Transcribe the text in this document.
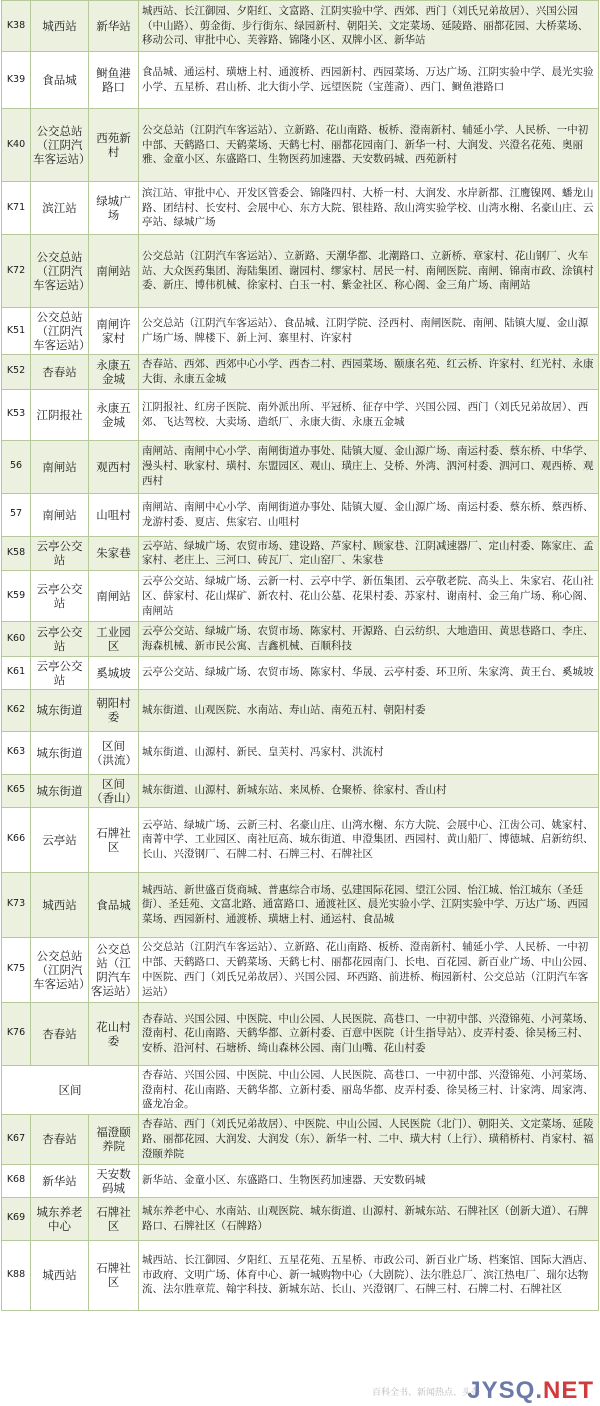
K38	城西站	新华站	城西站、长江御园、夕阳红、文富路、江阴实验中学、西郊、西门（刘氏兄弟故居）、兴国公园（中山路）、剪金街、步行街东、绿园新村、朝阳关、文定菜场、延陵路、丽都花园、大桥菜场、移动公司、审批中心、芙蓉路、锦隆小区、双牌小区、新华站
K39	食品城	鲥鱼港路口	食品城、通运村、璜塘上村、通渡桥、西园新村、西园菜场、万达广场、江阴实验中学、晨光实验小学、五星桥、君山桥、北大街小学、远望医院（宝莲斋）、西门、鲥鱼港路口
K40	公交总站（江阴汽车客运站）	西苑新村	公交总站（江阴汽车客运站）、立新路、花山南路、板桥、澄南新村、辅延小学、人民桥、一中初中部、天鹤路口、天鹤菜场、天鹤七村、丽都花园南门、新华一村、大润发、兴澄名花苑、奥丽雅、金童小区、东盛路口、生物医药加速器、天安数码城、西苑新村
K71	滨江站	绿城广场	滨江站、审批中心、开发区管委会、锦隆四村、大桥一村、大润发、水岸新都、江鹰镍网、蟠龙山路、团结村、长安村、会展中心、东方大院、银桂路、敌山湾实验学校、山湾水榭、名豪山庄、云亭站、绿城广场
K72	公交总站（江阴汽车客运站）	南闸站	公交总站（江阴汽车客运站）、立新路、天潮华都、北潮路口、立新桥、章家村、花山钢厂、火车站、大众医药集团、海陆集团、谢园村、缪家村、居民一村、南闸医院、南闸、锦南市政、涂镇村委、新庄、博伟机械、徐家村、白玉一村、紫金社区、称心阁、金三角广场、南闸站
K51	公交总站（江阴汽车客运站）	南闸许家村	公交总站（江阴汽车客运站）、食品城、江阴学院、泾西村、南闸医院、南闸、陆镇大厦、金山源广场广场、牌楼下、新上河、寨里村、许家村
K52	杏春站	永康五金城	杏春站、西郊、西郊中心小学、西杏二村、西园菜场、颐康名苑、红云桥、许家村、红光村、永康大街、永康五金城
K53	江阴报社	永康五金城	江阴报社、红房子医院、南外派出所、平冠桥、征存中学、兴国公园、西门（刘氏兄弟故居）、西郊、飞达驾校、大卖场、造纸厂、永康大街、永康五金城
56	南闸站	观西村	南闸站、南闸中心小学、南闸街道办事处、陆镇大厦、金山源广场、南运村委、蔡东桥、中华学、漫头村、耿家村、璜村、东盟园区、观山、璜庄上、殳桥、外湾、泗河村委、泗河口、观西桥、观西村
57	南闸站	山咀村	南闸站、南闸中心小学、南闸街道办事处、陆镇大厦、金山源广场、南运村委、蔡东桥、蔡西桥、龙游村委、夏店、焦家宕、山咀村
K58	云亭公交站	朱家巷	云亭站、绿城广场、农贸市场、建设路、芦家村、顾家巷、江阴减速器厂、定山村委、陈家庄、孟家村、老庄上、三河口、砖瓦厂、定山窑厂、朱家巷
K59	云亭公交站	南闸站	云亭公交站、绿城广场、云新一村、云亭中学、新伍集团、云亭敬老院、高头上、朱家宕、花山社区、薛家村、花山煤矿、新农村、花山公墓、花果村委、苏家村、谢南村、金三角广场、称心阁、南闸站
K60	云亭公交站	工业园区	云亭公交站、绿城广场、农贸市场、陈家村、开源路、白云纺织、大地造田、黄思巷路口、李庄、海森机械、新市民公寓、吉鑫机械、百顺科技
K61	云亭公交站	奚城坡	云亭公交站、绿城广场、农贸市场、陈家村、华晟、云亭村委、环卫所、朱家湾、黄王台、奚城坡
K62	城东街道	朝阳村委	城东街道、山观医院、水南站、寿山站、南苑五村、朝阳村委
K63	城东街道	区间（洪流）	城东街道、山源村、新民、皇芙村、冯家村、洪流村
K65	城东街道	区间（香山）	城东街道、山源村、新城东站、来凤桥、仓聚桥、徐家村、香山村
K66	云亭站	石牌社区	云亭站、绿城广场、云新三村、名豪山庄、山湾水榭、东方大院、会展中心、江齿公司、姚家村、南菁中学、工业园区、南社厄高、城东街道、申澄集团、西园村、黄山船厂、博德城、启新纺织、长山、兴澄钢厂、石牌二村、石牌三村、石牌社区
K73	城西站	食品城	城西站、新世盛百货商城、普惠综合市场、弘建国际花园、望江公园、怡江城、怡江城东（圣廷街）、圣廷苑、文富北路、通富路口、通渡社区、晨光实验小学、江阴实验中学、万达广场、西园菜场、西园新村、通渡桥、璜塘上村、通运村、食品城
K75	公交总站（江阴汽车客运站）	公交总站（江阴汽车客运站）	公交总站（江阴汽车客运站）、立新路、花山南路、板桥、澄南新村、辅延小学、人民桥、一中初中部、天鹤路口、天鹤菜场、天鹤七村、丽都花园南门、长电、百花园、新百业广场、中山公园、中医院、西门（刘氏兄弟故居）、兴国公园、环西路、前进桥、梅园新村、公交总站（江阴汽车客运站）
K76	杏春站	花山村委	杏春站、兴国公园、中医院、中山公园、人民医院、高巷口、一中初中部、兴澄锦苑、小河菜场、澄南村、花山南路、天鹤华都、立新村委、百意中医院（计生指导站）、皮弄村委、徐吴杨三村、安桥、沿河村、石塘桥、绮山森林公园、南门山嘴、花山村委
区间			杏春站、兴国公园、中医院、中山公园、人民医院、高巷口、一中初中部、兴澄锦苑、小河菜场、澄南村、花山南路、天鹤华都、立新村委、丽岛华都、皮弄村委、徐吴杨三村、计家湾、周家湾、盛龙冶金。
K67	杏春站	福澄颐养院	杏春站、西门（刘氏兄弟故居）、中医院、中山公园、人民医院（北门）、朝阳关、文定菜场、延陵路、丽都花园、大润发、大润发（东）、新华一村、二中、璜大村（上行）、璜稍桥村、肖家村、福澄颐养院
K68	新华站	天安数码城	新华站、金童小区、东盛路口、生物医药加速器、天安数码城
K69	城东养老中心	石牌社区	城东养老中心、水南站、山观医院、城东街道、山源村、新城东站、石牌社区（创新大道）、石牌路口、石牌社区（石牌路）
K88	城西站	石牌社区	城西站、长江御园、夕阳红、五星花苑、五星桥、市政公司、新百业广场、档案馆、国际大酒店、市政府、文明广场、体育中心、新一城购物中心（大剧院）、法尔胜总厂、滨江热电厂、瑞尔达物流、法尔胜章荒、翰宇科技、新城东站、长山、兴澄钢厂、石牌三村、石牌二村、石牌社区
百科全书、新闻热点、头条
JYSQ.NET
